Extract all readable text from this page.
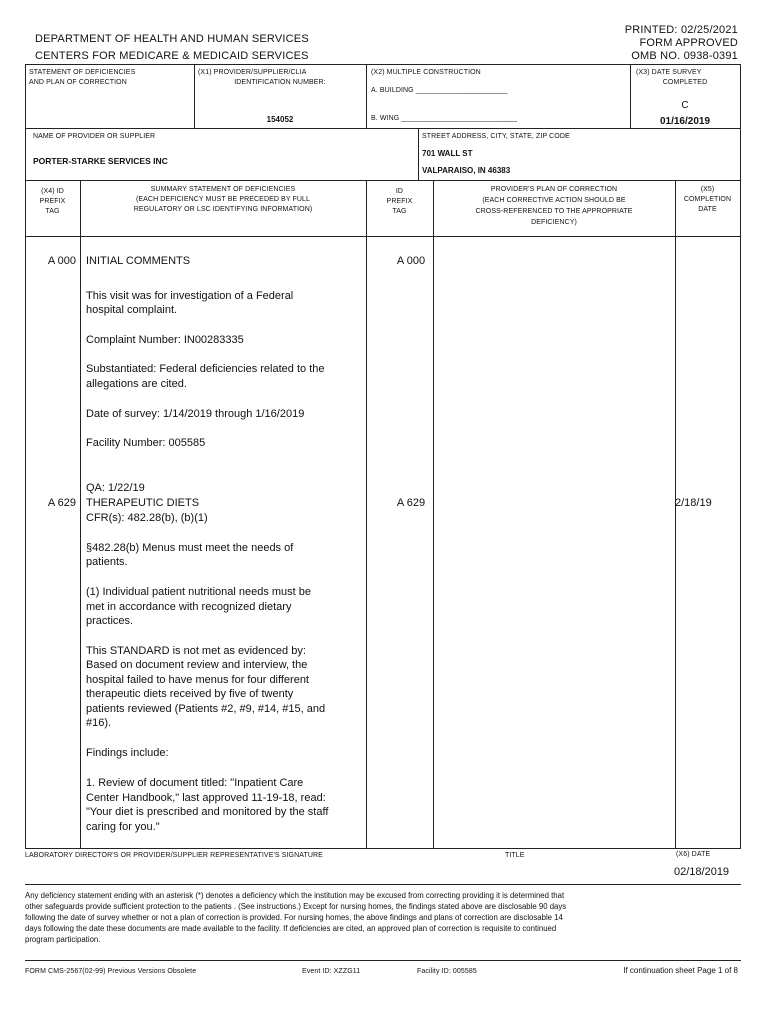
DEPARTMENT OF HEALTH AND HUMAN SERVICES
CENTERS FOR MEDICARE & MEDICAID SERVICES
PRINTED: 02/25/2021
FORM APPROVED
OMB NO. 0938-0391
STATEMENT OF DEFICIENCIES
AND PLAN OF CORRECTION
(X1) PROVIDER/SUPPLIER/CLIA
IDENTIFICATION NUMBER:
154052
(X2) MULTIPLE CONSTRUCTION
A. BUILDING _______________________
B. WING _____________________________
(X3) DATE SURVEY
COMPLETED
C
01/16/2019
NAME OF PROVIDER OR SUPPLIER
PORTER-STARKE SERVICES INC
STREET ADDRESS, CITY, STATE, ZIP CODE
701 WALL ST
VALPARAISO, IN 46383
(X4) ID
PREFIX
TAG
SUMMARY STATEMENT OF DEFICIENCIES
(EACH DEFICIENCY MUST BE PRECEDED BY FULL
REGULATORY OR LSC IDENTIFYING INFORMATION)
ID
PREFIX
TAG
PROVIDER'S PLAN OF CORRECTION
(EACH CORRECTIVE ACTION SHOULD BE
CROSS-REFERENCED TO THE APPROPRIATE
DEFICIENCY)
(X5)
COMPLETION
DATE
A 000 INITIAL COMMENTS	A 000
This visit was for investigation of a Federal
hospital complaint.
Complaint Number: IN00283335
Substantiated: Federal deficiencies related to the
allegations are cited.
Date of survey: 1/14/2019 through 1/16/2019
Facility Number: 005585
QA: 1/22/19
A 629 THERAPEUTIC DIETS	A 629	2/18/19
CFR(s): 482.28(b), (b)(1)
§482.28(b) Menus must meet the needs of
patients.
(1) Individual patient nutritional needs must be
met in accordance with recognized dietary
practices.
This STANDARD is not met as evidenced by:
Based on document review and interview, the
hospital failed to have menus for four different
therapeutic diets received by five of twenty
patients reviewed (Patients #2, #9, #14, #15, and
#16).
Findings include:
1. Review of document titled: "Inpatient Care
Center Handbook," last approved 11-19-18, read:
"Your diet is prescribed and monitored by the staff
caring for you."
LABORATORY DIRECTOR'S OR PROVIDER/SUPPLIER REPRESENTATIVE'S SIGNATURE	TITLE	(X6) DATE
02/18/2019
Any deficiency statement ending with an asterisk (*) denotes a deficiency which the institution may be excused from correcting providing it is determined that
other safeguards provide sufficient protection to the patients . (See instructions.) Except for nursing homes, the findings stated above are disclosable 90 days
following the date of survey whether or not a plan of correction is provided. For nursing homes, the above findings and plans of correction are disclosable 14
days following the date these documents are made available to the facility. If deficiencies are cited, an approved plan of correction is requisite to continued
program participation.
FORM CMS-2567(02-99) Previous Versions Obsolete	Event ID: XZZG11	Facility ID: 005585	If continuation sheet Page 1 of 8
